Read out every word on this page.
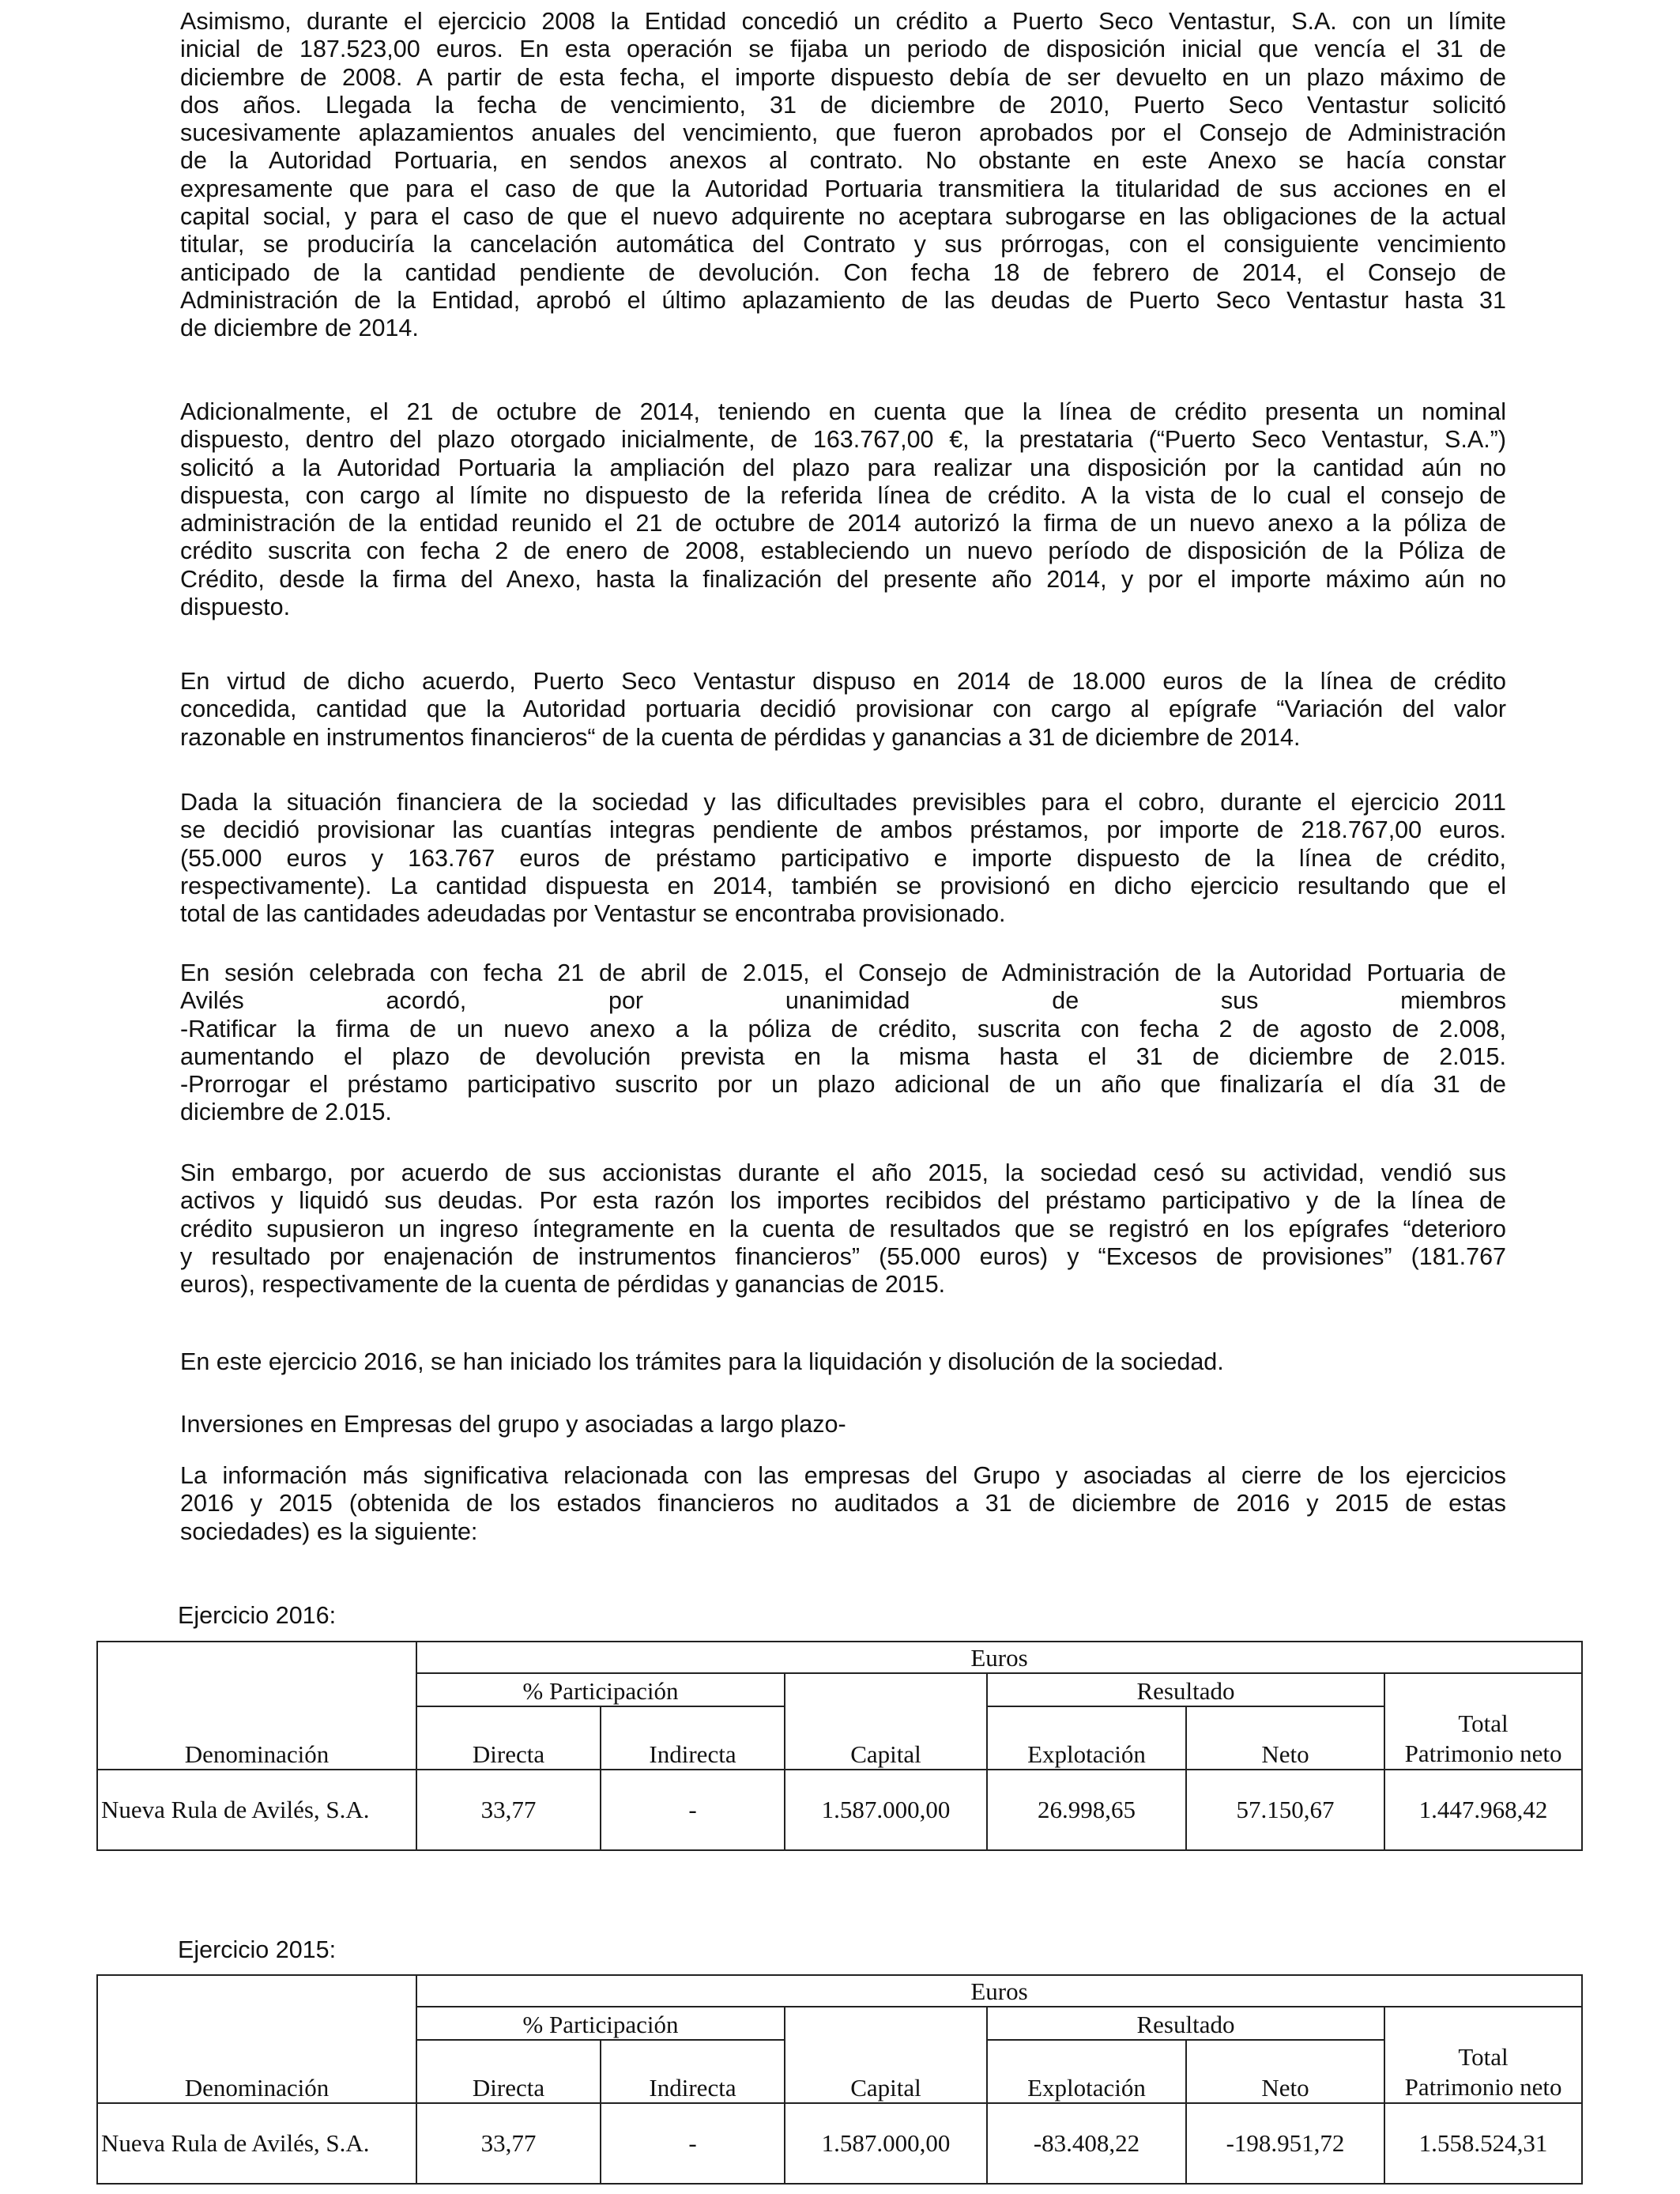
Asimismo, durante el ejercicio 2008 la Entidad concedió un crédito a Puerto Seco Ventastur, S.A. con un límite
inicial de 187.523,00 euros. En esta operación se fijaba un periodo de disposición inicial que vencía el 31 de
diciembre de 2008. A partir de esta fecha, el importe dispuesto debía de ser devuelto en un plazo máximo de
dos años. Llegada la fecha de vencimiento, 31 de diciembre de 2010, Puerto Seco Ventastur solicitó
sucesivamente aplazamientos anuales del vencimiento, que fueron aprobados por el Consejo de Administración
de la Autoridad Portuaria, en sendos anexos al contrato. No obstante en este Anexo se hacía constar
expresamente que para el caso de que la Autoridad Portuaria transmitiera la titularidad de sus acciones en el
capital social, y para el caso de que el nuevo adquirente no aceptara subrogarse en las obligaciones de la actual
titular, se produciría la cancelación automática del Contrato y sus prórrogas, con el consiguiente vencimiento
anticipado de la cantidad pendiente de devolución. Con fecha 18 de febrero de 2014, el Consejo de
Administración de la Entidad, aprobó el último aplazamiento de las deudas de Puerto Seco Ventastur hasta 31
de diciembre de 2014.

Adicionalmente, el 21 de octubre de 2014, teniendo en cuenta que la línea de crédito presenta un nominal
dispuesto, dentro del plazo otorgado inicialmente, de 163.767,00 €, la prestataria (“Puerto Seco Ventastur, S.A.”)
solicitó a la Autoridad Portuaria la ampliación del plazo para realizar una disposición por la cantidad aún no
dispuesta, con cargo al límite no dispuesto de la referida línea de crédito. A la vista de lo cual el consejo de
administración de la entidad reunido el 21 de octubre de 2014 autorizó la firma de un nuevo anexo a la póliza de
crédito suscrita con fecha 2 de enero de 2008, estableciendo un nuevo período de disposición de la Póliza de
Crédito, desde la firma del Anexo, hasta la finalización del presente año 2014, y por el importe máximo aún no
dispuesto.

En virtud de dicho acuerdo, Puerto Seco Ventastur dispuso en 2014 de 18.000 euros de la línea de crédito
concedida, cantidad que la Autoridad portuaria decidió provisionar con cargo al epígrafe “Variación del valor
razonable en instrumentos financieros“ de la cuenta de pérdidas y ganancias a 31 de diciembre de 2014.

Dada la situación financiera de la sociedad y las dificultades previsibles para el cobro, durante el ejercicio 2011
se decidió provisionar las cuantías integras pendiente de ambos préstamos, por importe de 218.767,00 euros.
(55.000 euros y 163.767 euros de préstamo participativo e importe dispuesto de la línea de crédito,
respectivamente). La cantidad dispuesta en 2014, también se provisionó en dicho ejercicio resultando que el
total de las cantidades adeudadas por Ventastur se encontraba provisionado.

En sesión celebrada con fecha 21 de abril de 2.015, el Consejo de Administración de la Autoridad Portuaria de
Avilés acordó, por unanimidad de sus miembros
-Ratificar la firma de un nuevo anexo a la póliza de crédito, suscrita con fecha 2 de agosto de 2.008,
aumentando el plazo de devolución prevista en la misma hasta el 31 de diciembre de 2.015.
-Prorrogar el préstamo participativo suscrito por un plazo adicional de un año que finalizaría el día 31 de
diciembre de 2.015.

Sin embargo, por acuerdo de sus accionistas durante el año 2015, la sociedad cesó su actividad, vendió sus
activos y liquidó sus deudas. Por esta razón los importes recibidos del préstamo participativo y de la línea de
crédito supusieron un ingreso íntegramente en la cuenta de resultados que se registró en los epígrafes “deterioro
y resultado por enajenación de instrumentos financieros” (55.000 euros) y “Excesos de provisiones” (181.767
euros), respectivamente de la cuenta de pérdidas y ganancias de 2015.

En este ejercicio 2016, se han iniciado los trámites para la liquidación y disolución de la sociedad.

Inversiones en Empresas del grupo y asociadas a largo plazo-

La información más significativa relacionada con las empresas del Grupo y asociadas al cierre de los ejercicios
2016 y 2015 (obtenida de los estados financieros no auditados a 31 de diciembre de 2016 y 2015 de estas
sociedades) es la siguiente:

Ejercicio 2016:
Denominación	Euros					
	% Participación		Capital	Resultado		Total
Patrimonio neto

	Directa	Indirecta		Explotación	Neto	
Nueva Rula de Avilés, S.A.	33,77	-	1.587.000,00	26.998,65	57.150,67	1.447.968,42
Ejercicio 2015:
Denominación	Euros					
	% Participación		Capital	Resultado		Total
Patrimonio neto

	Directa	Indirecta		Explotación	Neto	
Nueva Rula de Avilés, S.A.	33,77	-	1.587.000,00	-83.408,22	-198.951,72	1.558.524,31
